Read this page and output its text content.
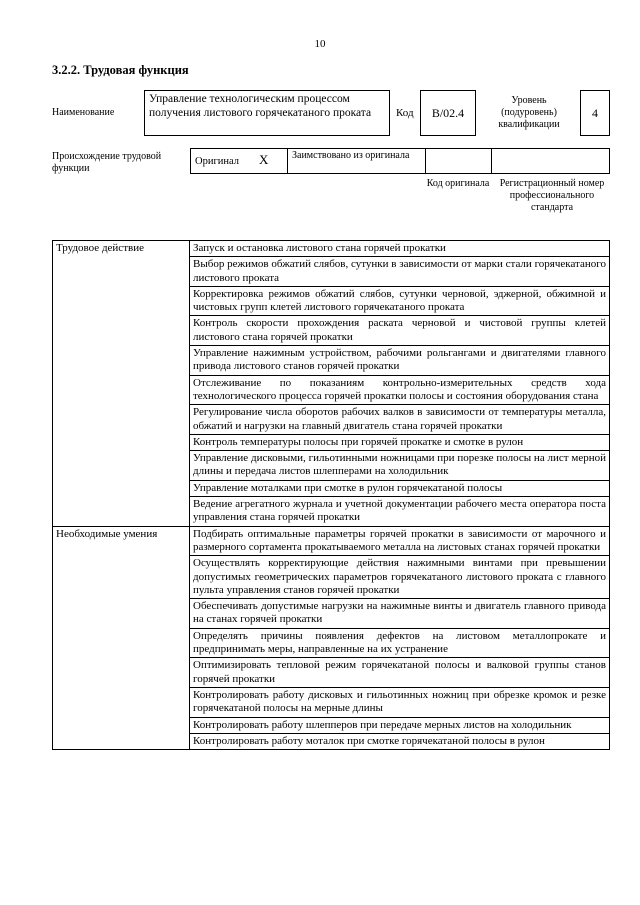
10
3.2.2. Трудовая функция
Наименование
Управление технологическим процессом получения листового горячекатаного проката	Код B/02.4
Уровень (подуровень) квалификации
4
Происхождение трудовой функции
Оригинал X Заимствовано из оригинала
Код оригинала Регистрационный номер профессионального стандарта
Трудовое действие	Запуск и остановка листового стана горячей прокатки
	Выбор режимов обжатий слябов, сутунки в зависимости от марки стали горячекатаного листового проката
	Корректировка режимов обжатий слябов, сутунки черновой, эджерной, обжимной и чистовых групп клетей листового горячекатаного проката
	Контроль скорости прохождения раската черновой и чистовой группы клетей листового стана горячей прокатки
	Управление нажимным устройством, рабочими рольгангами и двигателями главного привода листового станов горячей прокатки
	Отслеживание по показаниям контрольно-измерительных средств хода технологического процесса горячей прокатки полосы и состояния оборудования стана
	Регулирование числа оборотов рабочих валков в зависимости от температуры металла, обжатий и нагрузки на главный двигатель стана горячей прокатки
	Контроль температуры полосы при горячей прокатке и смотке в рулон
	Управление дисковыми, гильотинными ножницами при порезке полосы на лист мерной длины и передача листов шлепперами на холодильник
	Управление моталками при смотке в рулон горячекатаной полосы
	Ведение агрегатного журнала и учетной документации рабочего места оператора поста управления стана горячей прокатки
Необходимые умения	Подбирать оптимальные параметры горячей прокатки в зависимости от марочного и размерного сортамента прокатываемого металла на листовых станах горячей прокатки
	Осуществлять корректирующие действия нажимными винтами при превышении допустимых геометрических параметров горячекатаного листового проката с главного пульта управления станов горячей прокатки
	Обеспечивать допустимые нагрузки на нажимные винты и двигатель главного привода на станах горячей прокатки
	Определять причины появления дефектов на листовом металлопрокате и предпринимать меры, направленные на их устранение
	Оптимизировать тепловой режим горячекатаной полосы и валковой группы станов горячей прокатки
	Контролировать работу дисковых и гильотинных ножниц при обрезке кромок и резке горячекатаной полосы на мерные длины
	Контролировать работу шлепперов при передаче мерных листов на холодильник
	Контролировать работу моталок при смотке горячекатаной полосы в рулон
